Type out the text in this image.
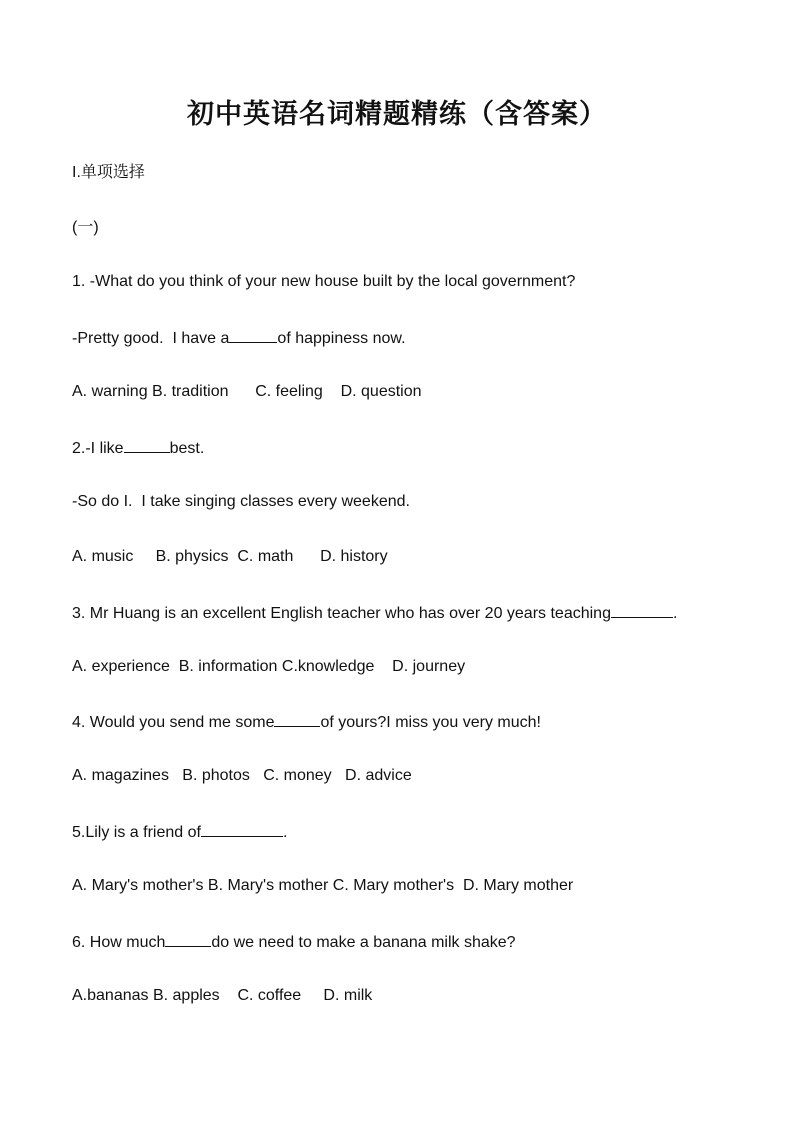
初中英语名词精题精练（含答案）
I.单项选择
(一)
1. -What do you think of your new house built by the local government?
-Pretty good.  I have a	of happiness now.
A. warning B. tradition      C. feeling    D. question
2.-I like	best.
-So do I.  I take singing classes every weekend.
A. music     B. physics  C. math      D. history
3. Mr Huang is an excellent English teacher who has over 20 years teaching	.
A. experience  B. information C.knowledge    D. journey
4. Would you send me some	of yours?I miss you very much!
A. magazines   B. photos   C. money   D. advice
5.Lily is a friend of	.
A. Mary's mother's B. Mary's mother C. Mary mother's  D. Mary mother
6. How much	do we need to make a banana milk shake?
A.bananas B. apples    C. coffee     D. milk
